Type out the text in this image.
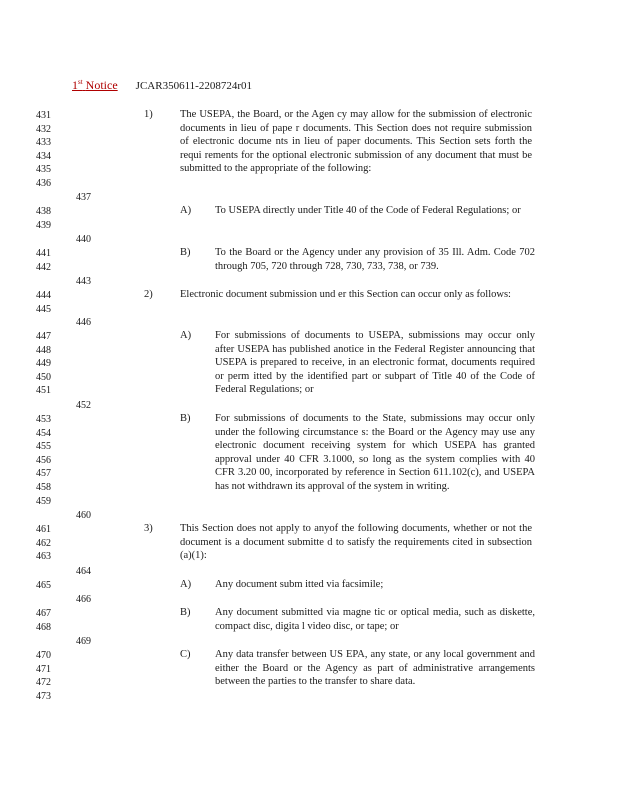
1st Notice JCAR350611-2208724r01
431
432
433
434
435
436
437
438
439
440
441
442
443
444
445
446
447
448
449
450
451
452
453
454
455
456
457
458
459
460
461
462
463
464
465
466
467
468
469
470
471
472
473
1)	The USEPA, the Board, or the Agen cy may allow for the submission of electronic documents in lieu of pape r documents. This Section does not require submission of electronic docume nts in lieu of paper documents. This Section sets forth the requi rements for the optional electronic submission of any document that must be submitted to the appropriate of the following:
A) To USEPA directly under Title 40 of the Code of Federal Regulations; or
B) To the Board or the Agency under any provision of 35 Ill. Adm. Code 702 through 705, 720 through 728, 730, 733, 738, or 739.
2)	Electronic document submission und er this Section can occur only as follows:
A) For submissions of documents to USEPA, submissions may occur only after USEPA has published anotice in the Federal Register announcing that USEPA is prepared to receive, in an electronic format, documents required or perm itted by the identified part or subpart of Title 40 of the Code of Federal Regulations; or
B) For submissions of documents to the State, submissions may occur only under the following circumstance s: the Board or the Agency may use any electronic document receiving system for which USEPA has granted approval under 40 CFR 3.1000, so long as the system complies with 40 CFR 3.20 00, incorporated by reference in Section 611.102(c), and USEPA has not withdrawn its approval of the system in writing.
3)	This Section does not apply to anyof the following documents, whether or not the document is a document submitte d to satisfy the requirements cited in subsection (a)(1):
A) Any document subm itted via facsimile;
B) Any document submitted via magne tic or optical media, such as diskette, compact disc, digita l video disc, or tape; or
C) Any data transfer between US EPA, any state, or any local government and either the Board or the Agency as part of administrative arrangements between the parties to the transfer to share data.
